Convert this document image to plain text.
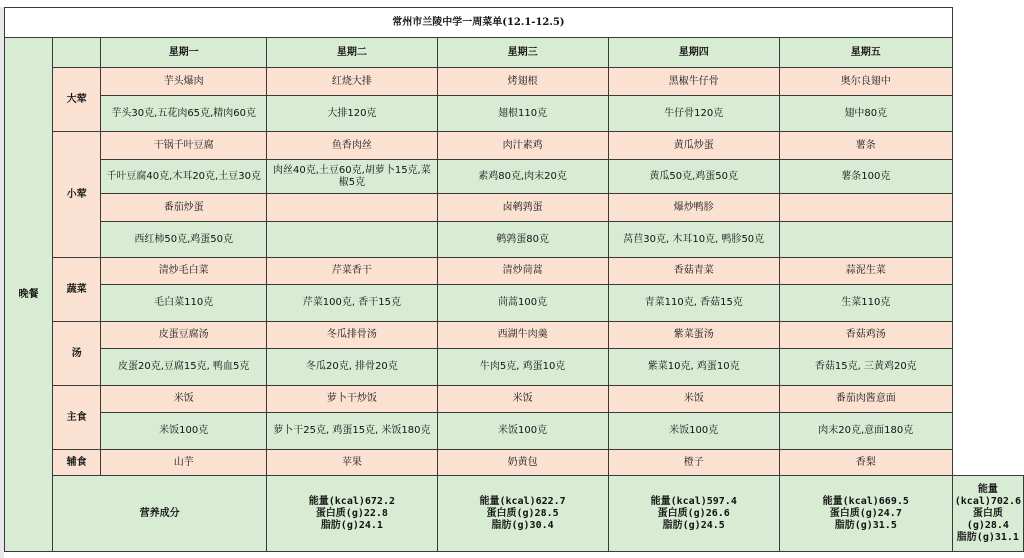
常州市兰陵中学一周菜单(12.1-12.5)							
晚餐		星期一	星期二	星期三	星期四	星期五	
	大荤	芋头爆肉	红烧大排	烤翅根	黑椒牛仔骨	奥尔良翅中	
		芋头30克,五花肉65克,精肉60克	大排120克	翅根110克	牛仔骨120克	翅中80克	
	小荤	干锅千叶豆腐	鱼香肉丝	肉汁素鸡	黄瓜炒蛋	薯条	
		千叶豆腐40克,木耳20克,土豆30克	肉丝40克,土豆60克,胡萝卜15克,菜椒5克	素鸡80克,肉末20克	黄瓜50克,鸡蛋50克	薯条100克	
		番茄炒蛋		卤鹌鹑蛋	爆炒鸭胗		
		西红柿50克,鸡蛋50克		鹌鹑蛋80克	莴苣30克, 木耳10克, 鸭胗50克		
	蔬菜	清炒毛白菜	芹菜香干	清炒茼蒿	香菇青菜	蒜泥生菜	
		毛白菜110克	芹菜100克, 香干15克	茼蒿100克	青菜110克, 香菇15克	生菜110克	
	汤	皮蛋豆腐汤	冬瓜排骨汤	西湖牛肉羹	紫菜蛋汤	香菇鸡汤	
		皮蛋20克,豆腐15克, 鸭血5克	冬瓜20克, 排骨20克	牛肉5克, 鸡蛋10克	紫菜10克, 鸡蛋10克	香菇15克, 三黄鸡20克	
	主食	米饭	萝卜干炒饭	米饭	米饭	番茄肉酱意面	
		米饭100克	萝卜干25克, 鸡蛋15克, 米饭180克	米饭100克	米饭100克	肉末20克,意面180克	
	辅食	山芋	苹果	奶黄包	橙子	香梨	
	营养成分		能量(kcal)672.2
蛋白质(g)22.8
脂肪(g)24.1	能量(kcal)622.7
蛋白质(g)28.5
脂肪(g)30.4	能量(kcal)597.4
蛋白质(g)26.6
脂肪(g)24.5	能量(kcal)669.5
蛋白质(g)24.7
脂肪(g)31.5	能量(kcal)702.6
蛋白质(g)28.4
脂肪(g)31.1
